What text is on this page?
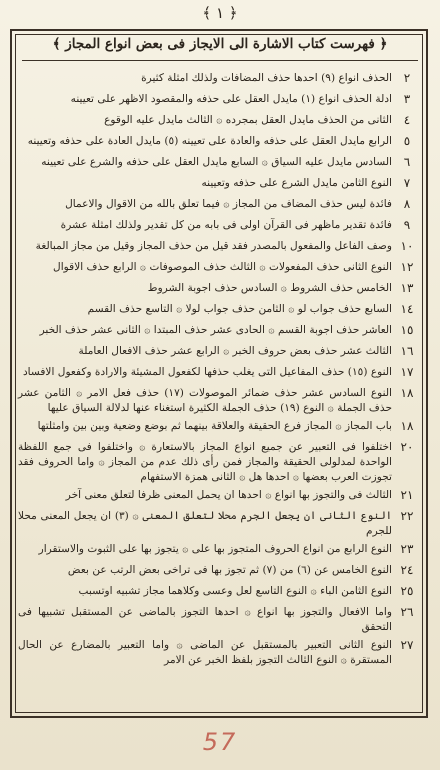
﴿ ١ ﴾
﴿ فهرست كتاب الاشارة الى الايجاز فى بعض انواع المجاز ﴾
٢
الحذف انواع (٩) احدها حذف المضافات ولذلك امثلة كثيرة
٣
ادلة الحذف انواع (١) مايدل العقل على حذفه والمقصود الاظهر على تعيينه
٤
الثانى من الحذف مايدل العقل بمجرده ۞ الثالث مايدل عليه الوقوع
٥
الرابع مايدل العقل على حذفه والعادة على تعيينه (٥) مايدل العادة على حذفه وتعيينه
٦
السادس مايدل عليه السياق ۞ السابع مايدل العقل على حذفه والشرع على تعيينه
٧
النوع الثامن مايدل الشرع على حذفه وتعيينه
٨
فائدة ليس حذف المضاف من المجاز ۞ فيما تعلق بالله من الاقوال والاعمال
٩
فائدة تقدير ماظهر فى القرآن اولى فى بابه من كل تقدير ولذلك امثلة عشرة
١٠
وصف الفاعل والمفعول بالمصدر فقد قيل من حذف المجاز وقيل من مجاز المبالغة
١٢
النوع الثانى حذف المفعولات ۞ الثالث حذف الموصوفات ۞ الرابع حذف الاقوال
١٣
الخامس حذف الشروط ۞ السادس حذف اجوبة الشروط
١٤
السابع حذف جواب لو ۞ الثامن حذف جواب لولا ۞ التاسع حذف القسم
١٥
العاشر حذف اجوبة القسم ۞ الحادى عشر حذف المبتدا ۞ الثانى عشر حذف الخبر
١٦
الثالث عشر حذف بعض حروف الخبر ۞ الرابع عشر حذف الافعال العاملة
١٧
النوع (١٥) حذف المفاعيل التى يغلب حذفها لكفعول المشيئة والارادة وكفعول الافساد
١٨
النوع السادس عشر حذف ضمائر الموصولات (١٧) حذف فعل الامر ۞ الثامن عشر حذف الجملة ۞ النوع (١٩) حذف الجملة الكثيرة استغناء عنها لدلالة السياق عليها
١٨
باب المجاز ۞ المجاز فرع الحقيقة والعلاقة بينهما ثم بوضع وضعية وبين بين وامثلتها
٢٠
اختلفوا فى التعبير عن جميع انواع المجاز بالاستعارة ۞ واختلفوا فى جمع اللفظة الواحدة لمدلولى الحقيقة والمجاز فمن رأى ذلك عدم من المجاز ۞ واما الحروف فقد تجوزت العرب بعضها ۞ احدها هل ۞ الثانى همزة الاستفهام
٢١
الثالث فى والتجوز بها انواع ۞ احدها ان يحمل المعنى ظرفا لتعلق معنى آخر
٢٢
النوع الثانى ان يجعل الجرم محلا لتعلق المعنى ۞ (٣) ان يجعل المعنى محلا للجرم
٢٣
النوع الرابع من انواع الحروف المتجوز بها على ۞ يتجوز بها على الثبوت والاستقرار
٢٤
النوع الخامس عن (٦) من (٧) ثم تجوز بها فى تراخى بعض الرتب عن بعض
٢٥
النوع الثامن الباء ۞ النوع التاسع لعل وعسى وكلاهما مجاز تشبيه اوتسبب
٢٦
واما الافعال والتجوز بها انواع ۞ احدها التجوز بالماضى عن المستقبل تشبيها فى التحقق
٢٧
النوع الثانى التعبير بالمستقبل عن الماضى ۞ واما التعبير بالمضارع عن الحال المستقرة ۞ النوع الثالث التجوز بلفظ الخبر عن الامر
57
